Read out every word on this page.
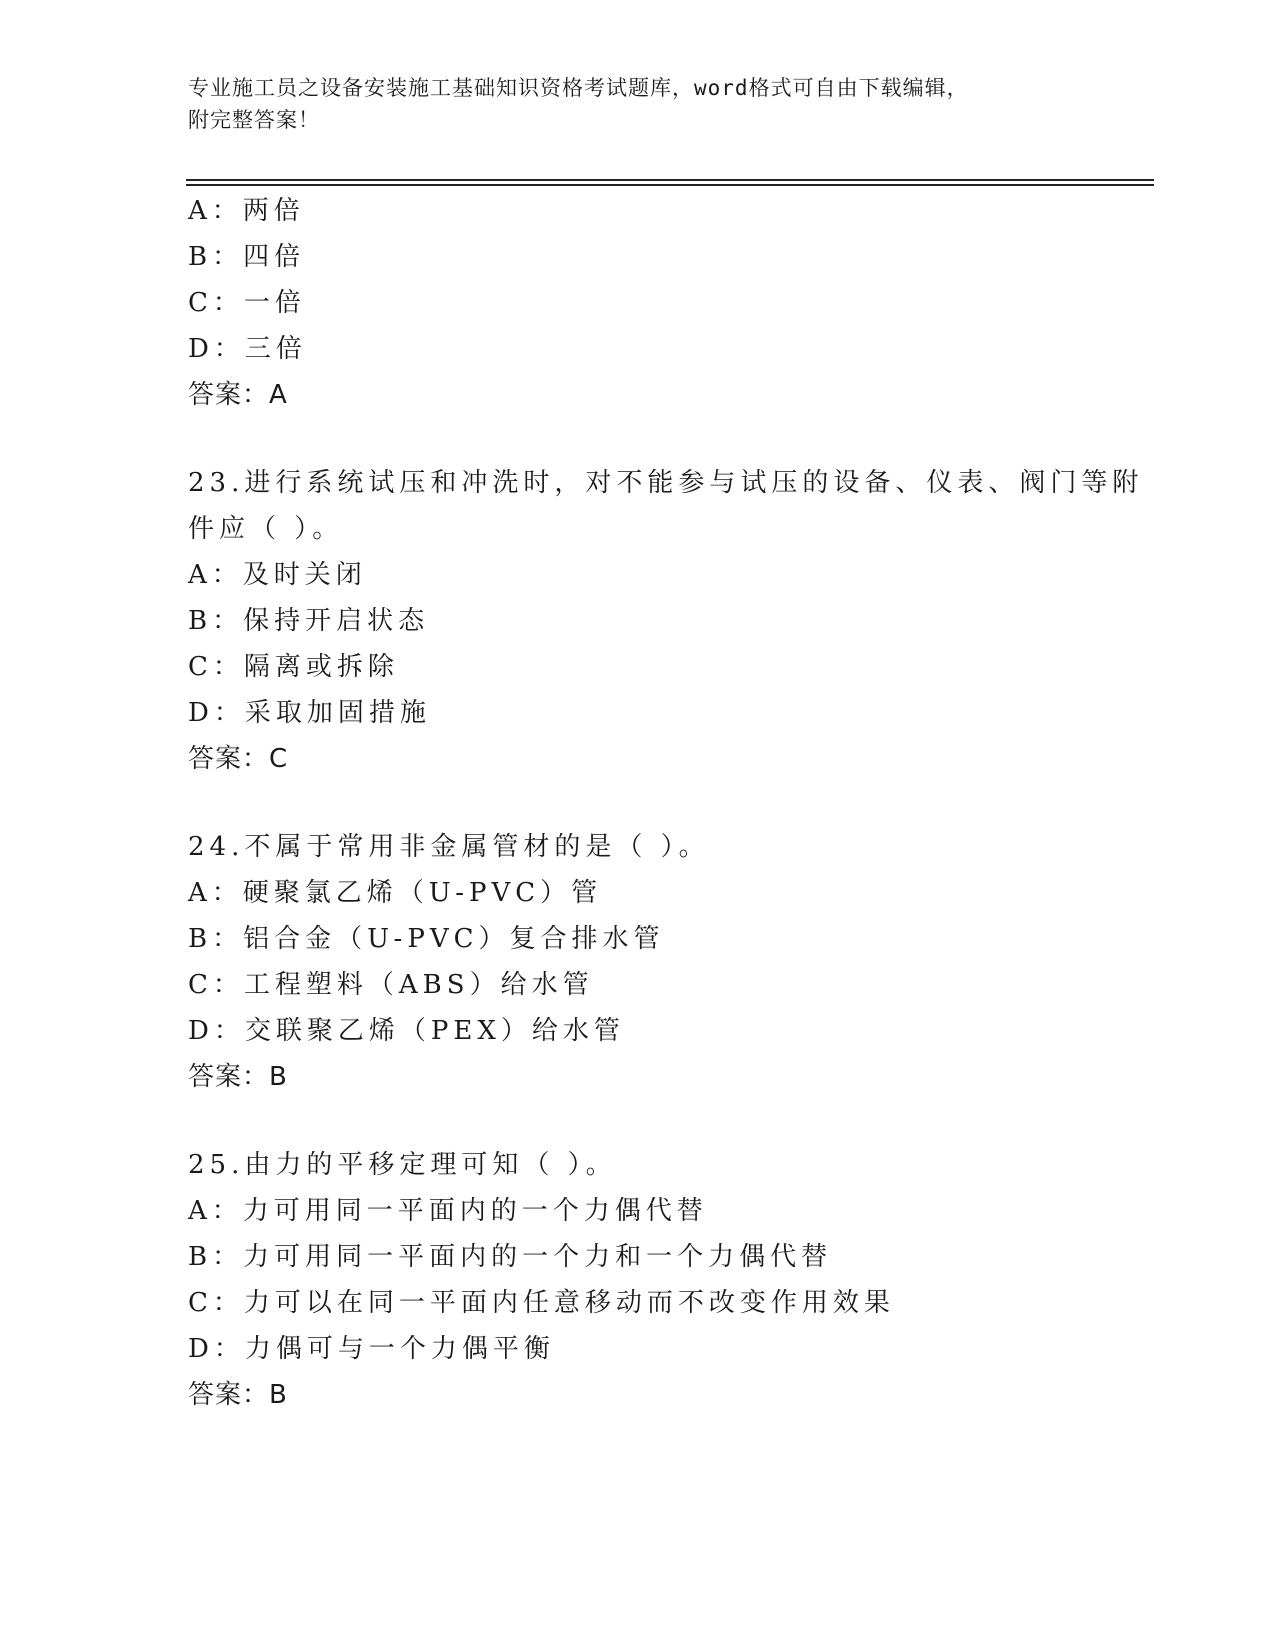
专业施工员之设备安装施工基础知识资格考试题库，word格式可自由下载编辑，
附完整答案！
A：两倍
B：四倍
C：一倍
D：三倍
答案：A
23.进行系统试压和冲洗时，对不能参与试压的设备、仪表、阀门等附
件应（ ）。
A：及时关闭
B：保持开启状态
C：隔离或拆除
D：采取加固措施
答案：C
24.不属于常用非金属管材的是（ ）。
A：硬聚氯乙烯（U-PVC）管
B：铝合金（U-PVC）复合排水管
C：工程塑料（ABS）给水管
D：交联聚乙烯（PEX）给水管
答案：B
25.由力的平移定理可知（ ）。
A：力可用同一平面内的一个力偶代替
B：力可用同一平面内的一个力和一个力偶代替
C：力可以在同一平面内任意移动而不改变作用效果
D：力偶可与一个力偶平衡
答案：B
